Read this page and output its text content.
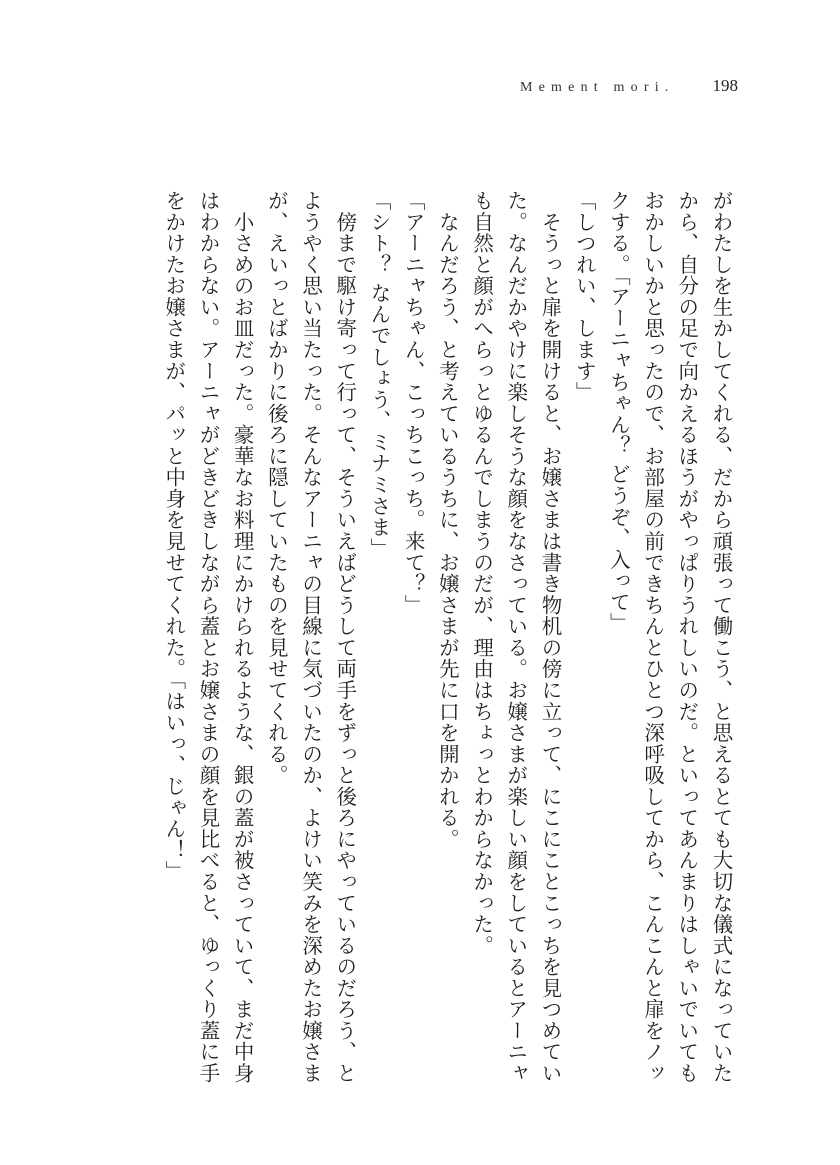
Mement mori. 198
がわたしを生かしてくれる、だから頑張って働こう、と思えるとても大切な儀式になっていた
から、自分の足で向かえるほうがやっぱりうれしいのだ。といってあんまりはしゃいでいても
おかしいかと思ったので、お部屋の前できちんとひとつ深呼吸してから、こんこんと扉をノッ
クする。「アーニャちゃん？ どうぞ、入って」
「しつれい、します」
　そうっと扉を開けると、お嬢さまは書き物机の傍に立って、にこにことこっちを見つめてい
た。なんだかやけに楽しそうな顔をなさっている。お嬢さまが楽しい顔をしているとアーニャ
も自然と顔がへらっとゆるんでしまうのだが、理由はちょっとわからなかった。
　なんだろう、と考えているうちに、お嬢さまが先に口を開かれる。
「アーニャちゃん、こっちこっち。来て？」
「シト？ なんでしょう、ミナミさま」
　傍まで駆け寄って行って、そういえばどうして両手をずっと後ろにやっているのだろう、と
ようやく思い当たった。そんなアーニャの目線に気づいたのか、よけい笑みを深めたお嬢さま
が、えいっとばかりに後ろに隠していたものを見せてくれる。
　小さめのお皿だった。豪華なお料理にかけられるような、銀の蓋が被さっていて、まだ中身
はわからない。アーニャがどきどきしながら蓋とお嬢さまの顔を見比べると、ゆっくり蓋に手
をかけたお嬢さまが、パッと中身を見せてくれた。「はいっ、じゃん！」
